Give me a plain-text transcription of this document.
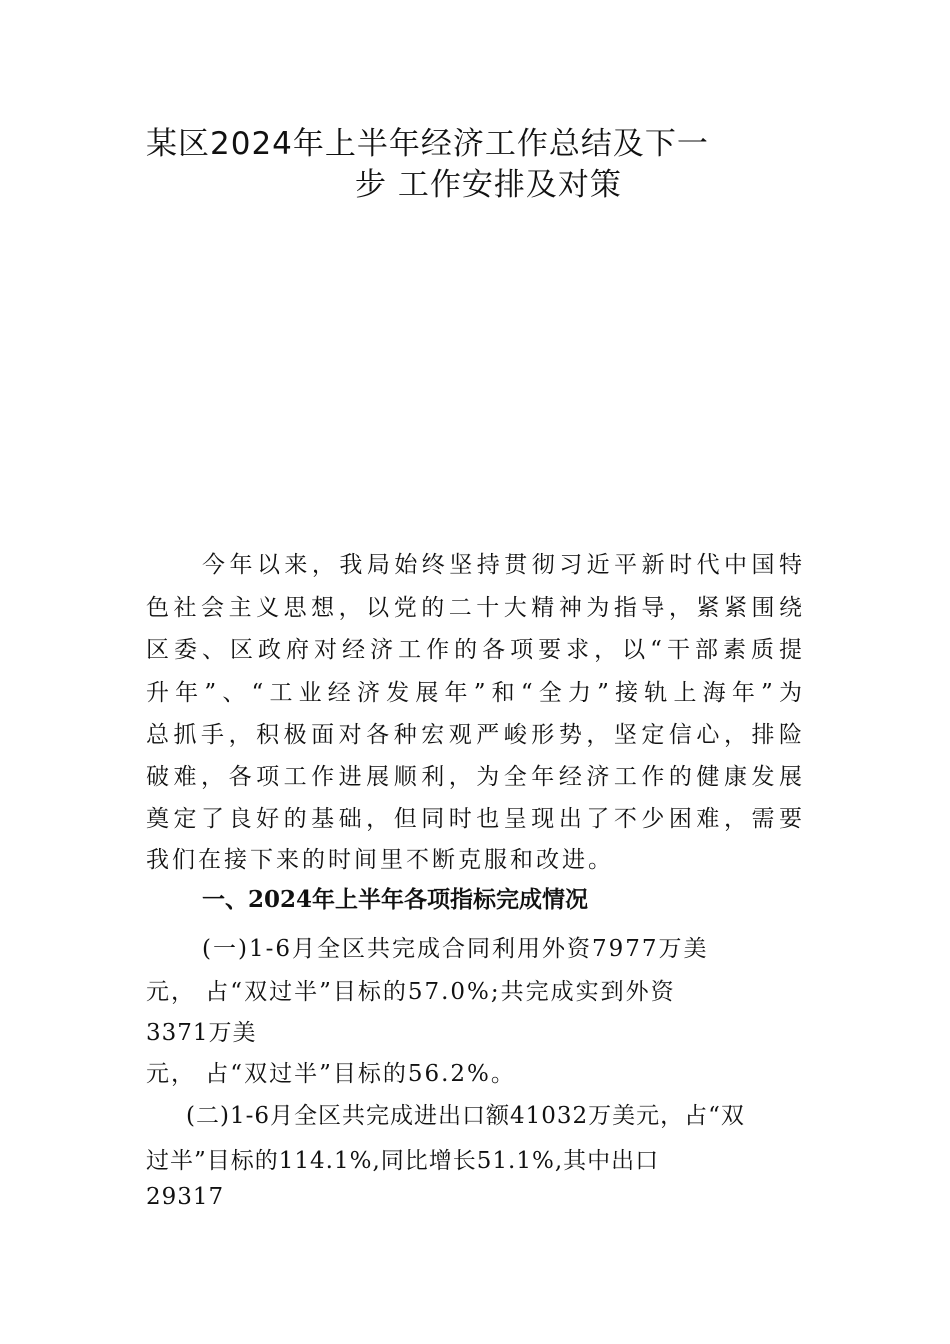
某区2024年上半年经济工作总结及下一
步 工作安排及对策
今年以来，我局始终坚持贯彻习近平新时代中国特
色社会主义思想，以党的二十大精神为指导，紧紧围绕
区委、区政府对经济工作的各项要求，以“干部素质提
升年”、“工业经济发展年”和“全力”接轨上海年”为
总抓手，积极面对各种宏观严峻形势，坚定信心，排险
破难，各项工作进展顺利，为全年经济工作的健康发展
奠定了良好的基础，但同时也呈现出了不少困难，需要
我们在接下来的时间里不断克服和改进。
一、2024年上半年各项指标完成情况
(一)1-6月全区共完成合同利用外资7977万美
元， 占“双过半”目标的57.0%;共完成实到外资
3371万美
元， 占“双过半”目标的56.2%。
(二)1-6月全区共完成进出口额41032万美元，占“双
过半”目标的114.1%,同比增长51.1%,其中出口
29317
